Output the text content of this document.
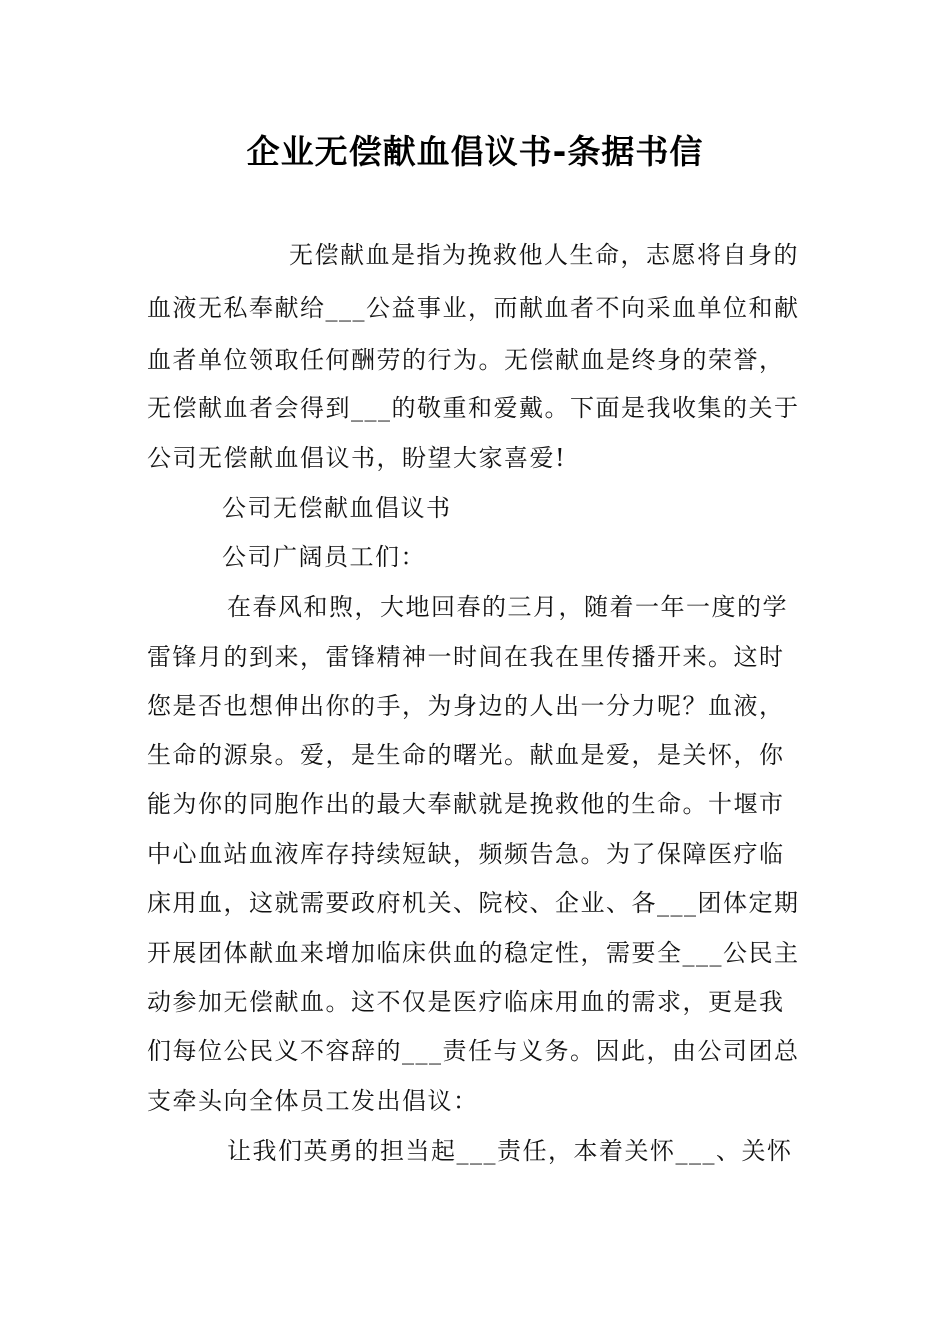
企业无偿献血倡议书-条据书信
无偿献血是指为挽救他人生命，志愿将自身的
血液无私奉献给___公益事业，而献血者不向采血单位和献
血者单位领取任何酬劳的行为。无偿献血是终身的荣誉，
无偿献血者会得到___的敬重和爱戴。下面是我收集的关于
公司无偿献血倡议书，盼望大家喜爱!
公司无偿献血倡议书
公司广阔员工们：
在春风和煦，大地回春的三月，随着一年一度的学
雷锋月的到来，雷锋精神一时间在我在里传播开来。这时
您是否也想伸出你的手，为身边的人出一分力呢？血液，
生命的源泉。爱，是生命的曙光。献血是爱，是关怀，你
能为你的同胞作出的最大奉献就是挽救他的生命。十堰市
中心血站血液库存持续短缺，频频告急。为了保障医疗临
床用血，这就需要政府机关、院校、企业、各___团体定期
开展团体献血来增加临床供血的稳定性，需要全___公民主
动参加无偿献血。这不仅是医疗临床用血的需求，更是我
们每位公民义不容辞的___责任与义务。因此，由公司团总
支牵头向全体员工发出倡议：
让我们英勇的担当起___责任，本着关怀___、关怀
